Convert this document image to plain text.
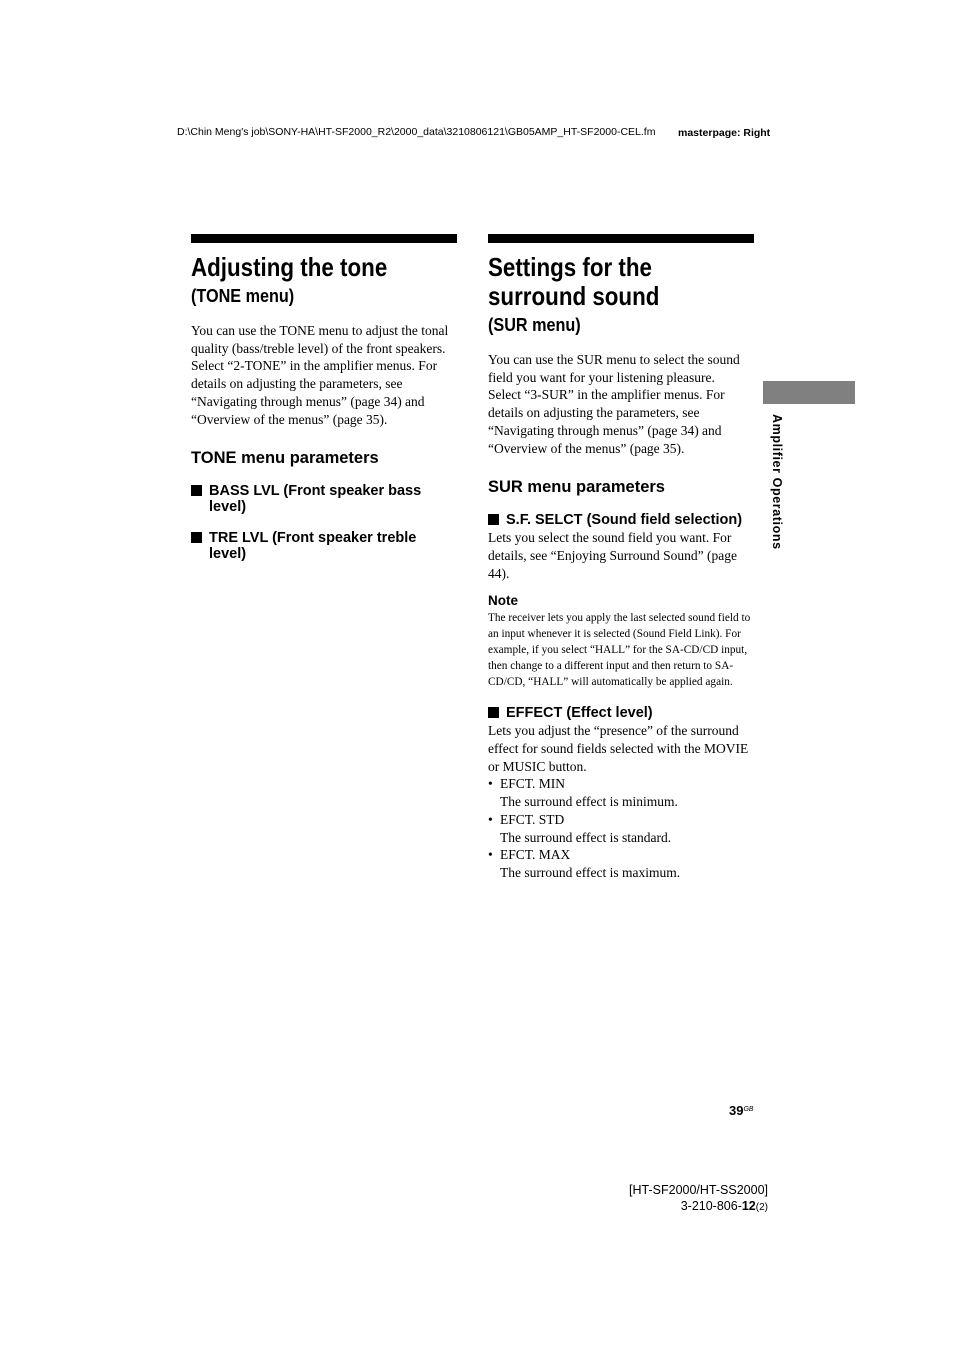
D:\Chin Meng's job\SONY-HA\HT-SF2000_R2\2000_data\3210806121\GB05AMP_HT-SF2000-CEL.fm masterpage: Right
Adjusting the tone
(TONE menu)

You can use the TONE menu to adjust the tonal quality (bass/treble level) of the front speakers.

Select “2-TONE” in the amplifier menus. For details on adjusting the parameters, see “Navigating through menus” (page 34) and “Overview of the menus” (page 35).

TONE menu parameters
BASS LVL (Front speaker bass level)
TRE LVL (Front speaker treble level)
Settings for the surround sound
(SUR menu)

You can use the SUR menu to select the sound field you want for your listening pleasure.

Select “3-SUR” in the amplifier menus. For details on adjusting the parameters, see “Navigating through menus” (page 34) and “Overview of the menus” (page 35).

SUR menu parameters
S.F. SELCT (Sound field selection)
Lets you select the sound field you want. For details, see “Enjoying Surround Sound” (page 44).
Note
The receiver lets you apply the last selected sound field to an input whenever it is selected (Sound Field Link). For example, if you select “HALL” for the SA-CD/CD input, then change to a different input and then return to SA-CD/CD, “HALL” will automatically be applied again.
EFFECT (Effect level)
Lets you adjust the “presence” of the surround effect for sound fields selected with the MOVIE or MUSIC button.
• EFCT. MIN
The surround effect is minimum.
• EFCT. STD
The surround effect is standard.
• EFCT. MAX
The surround effect is maximum.
Amplifier Operations
$39^{GB}$
[HT-SF2000/HT-SS2000]
3-210-806-12(2)
